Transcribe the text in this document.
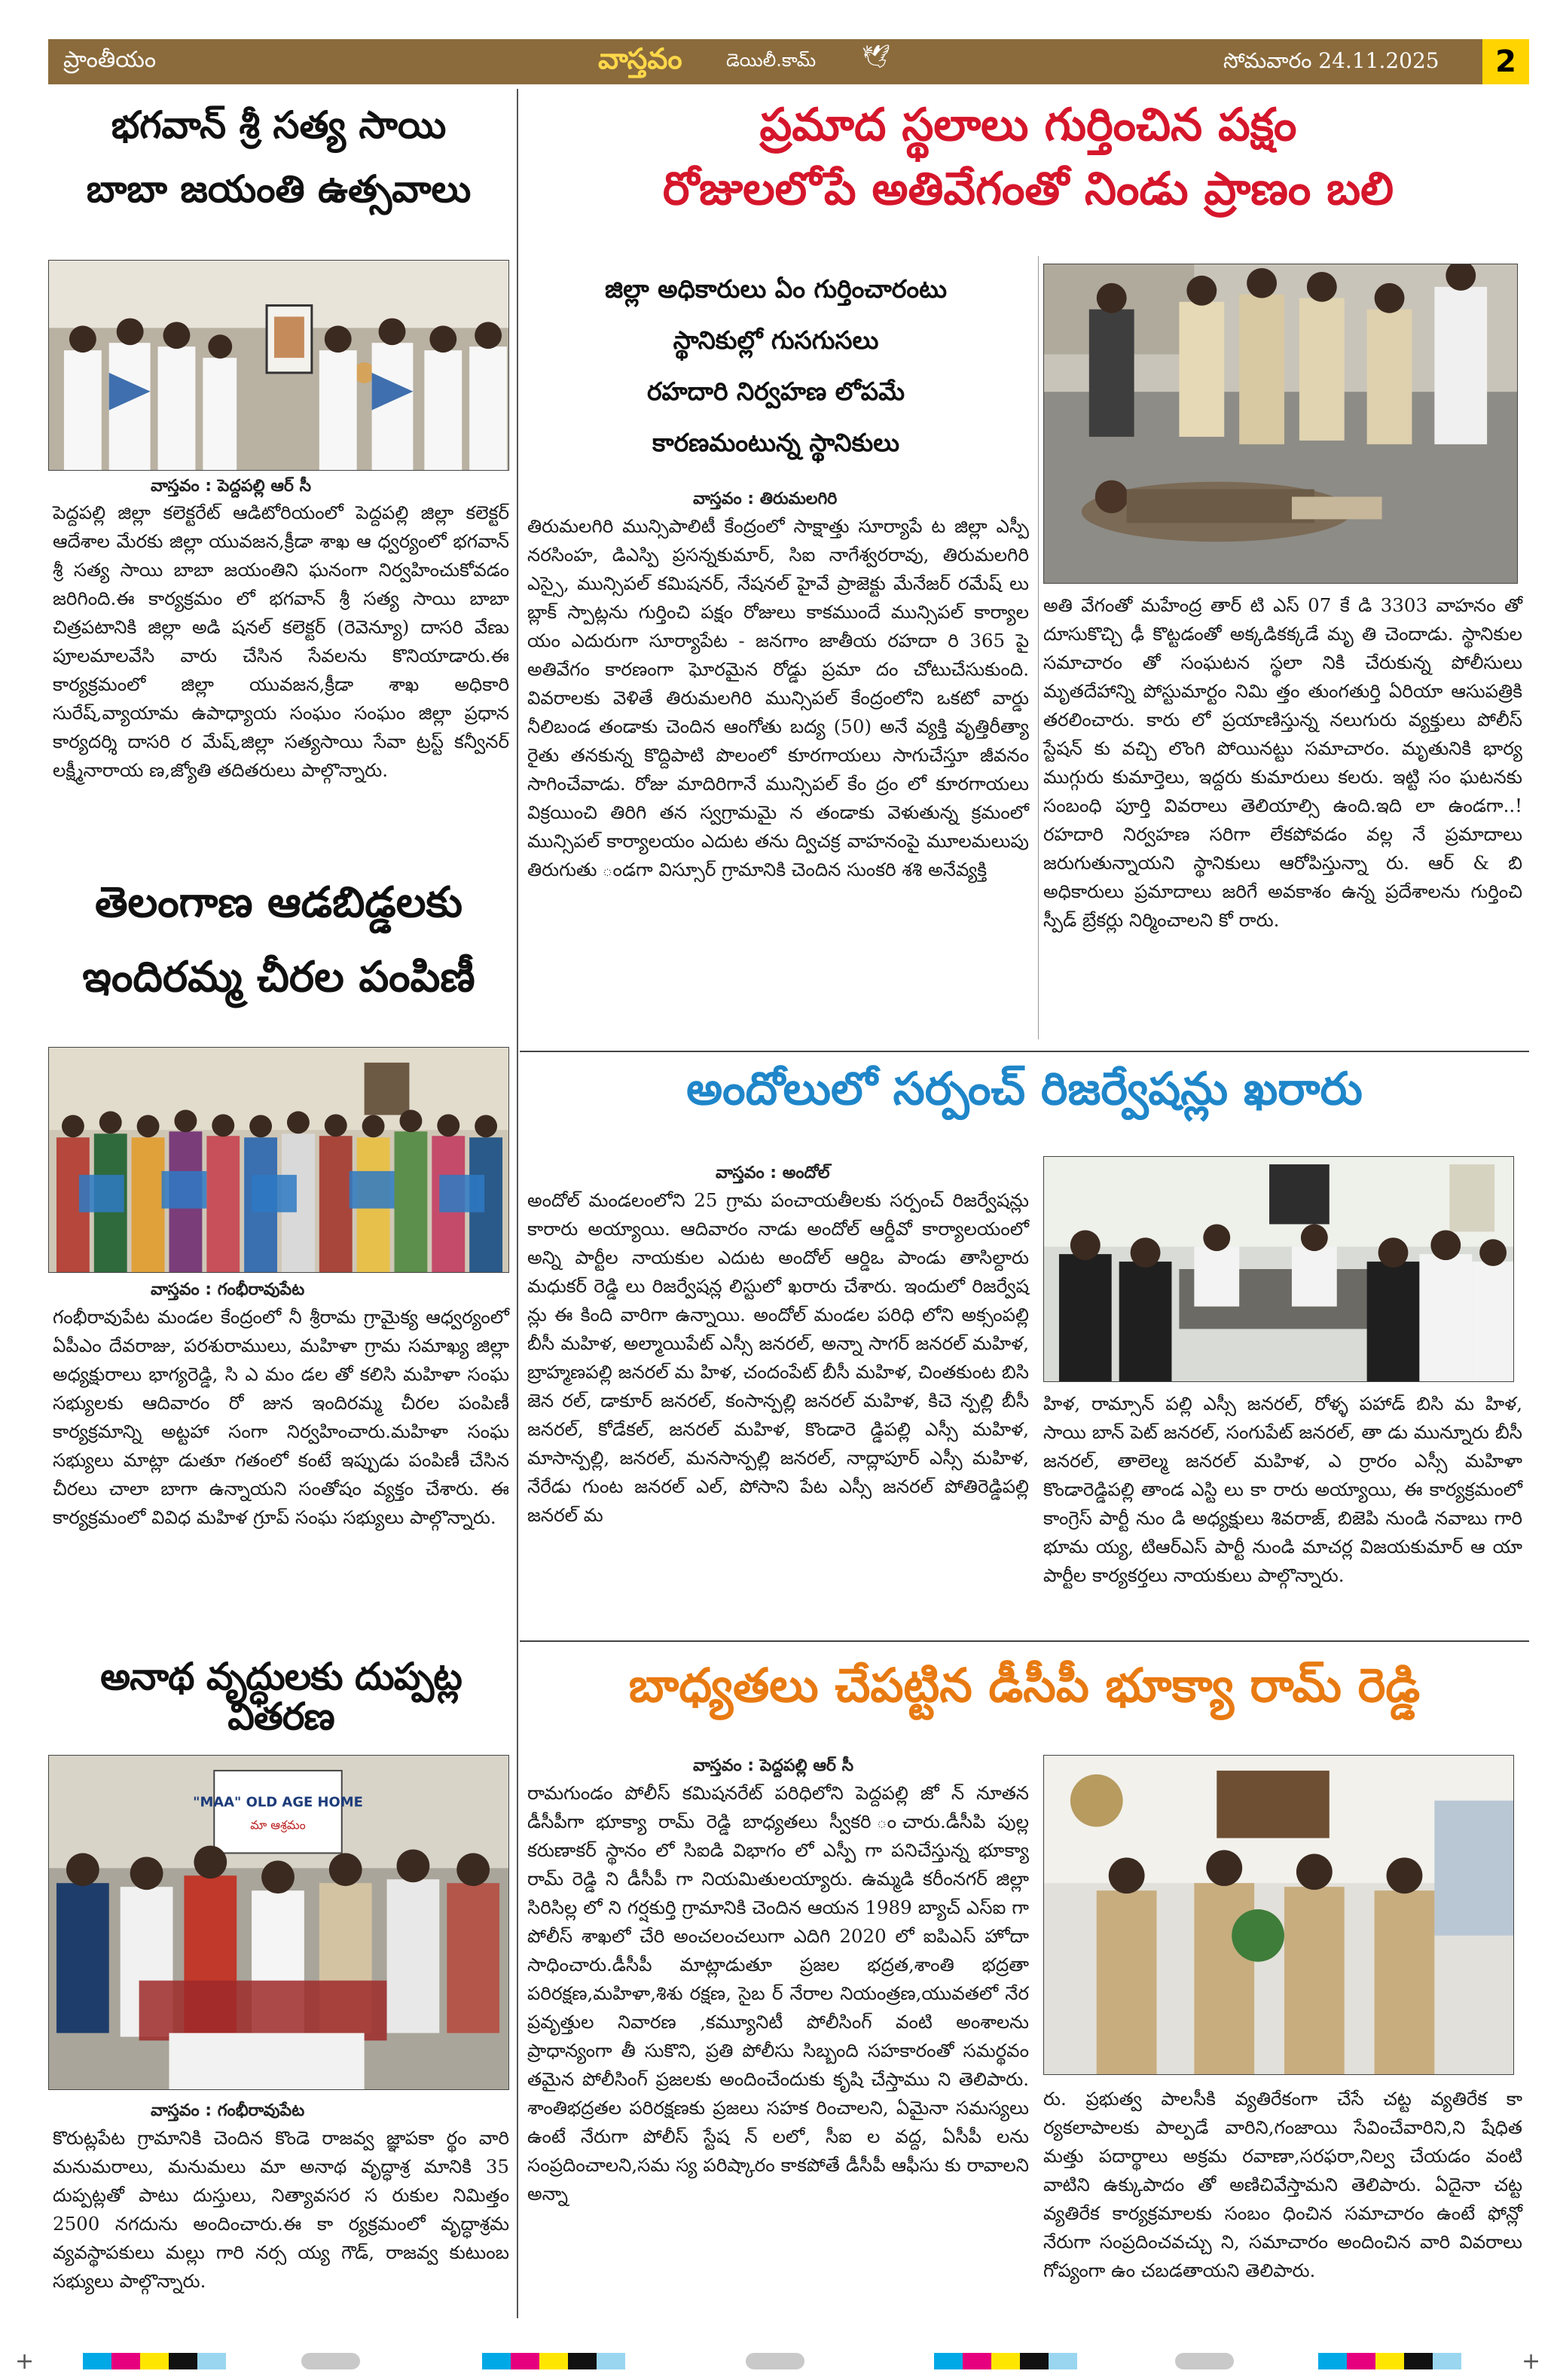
ప్రాంతీయం	వాస్తవం డెయిలీ.కామ్ 🕊	సోమవారం 24.11.2025	2
భగవాన్ శ్రీ సత్య సాయి
బాబా జయంతి ఉత్సవాలు
వాస్తవం : పెద్దపల్లి ఆర్ సీ
పెద్దపల్లి జిల్లా కలెక్టరేట్ ఆడిటోరియంలో పెద్దపల్లి జిల్లా కలెక్టర్ ఆదేశాల మేరకు జిల్లా యువజన,క్రీడా శాఖ ఆ ధ్వర్యంలో భగవాన్ శ్రీ సత్య సాయి బాబా జయంతిని ఘనంగా నిర్వహించుకోవడం జరిగింది.ఈ కార్యక్రమం లో భగవాన్ శ్రీ సత్య సాయి బాబా చిత్రపటానికి జిల్లా అడి షనల్ కలెక్టర్ (రెవెన్యూ) దాసరి వేణు పూలమాలవేసి వారు చేసిన సేవలను కొనియాడారు.ఈ కార్యక్రమంలో జిల్లా యువజన,క్రీడా శాఖ అధికారి సురేష్,వ్యాయామ ఉపాధ్యాయ సంఘం సంఘం జిల్లా ప్రధాన కార్యదర్శి దాసరి ర మేష్,జిల్లా సత్యసాయి సేవా ట్రస్ట్ కన్వీనర్ లక్ష్మీనారాయ ణ,జ్యోతి తదితరులు పాల్గొన్నారు.
తెలంగాణ ఆడబిడ్డలకు
ఇందిరమ్మ చీరల పంపిణీ
వాస్తవం : గంభీరావుపేట
గంభీరావుపేట మండల కేంద్రంలో నీ శ్రీరామ గ్రామైక్య ఆధ్వర్యంలో ఏపీఎం దేవరాజు, పరశురాములు, మహిళా గ్రామ సమాఖ్య జిల్లా అధ్యక్షురాలు భాగ్యరెడ్డి, సి ఎ మం డల తో కలిసి మహిళా సంఘ సభ్యులకు ఆదివారం రో జున ఇందిరమ్మ చీరల పంపిణీ కార్యక్రమాన్ని అట్టహా సంగా నిర్వహించారు.మహిళా సంఘ సభ్యులు మాట్లా డుతూ గతంలో కంటే ఇప్పుడు పంపిణీ చేసిన చీరలు చాలా బాగా ఉన్నాయని సంతోషం వ్యక్తం చేశారు. ఈ కార్యక్రమంలో వివిధ మహిళ గ్రూప్ సంఘ సభ్యులు పాల్గొన్నారు.
అనాథ వృద్ధులకు దుప్పట్ల వితరణ
"MAA" OLD AGE HOME
మా ఆశ్రమం
వాస్తవం : గంభీరావుపేట
కొరుట్లపేట గ్రామానికి చెందిన కొండె రాజవ్వ జ్ఞాపకా ర్థం వారి మనుమరాలు, మనుమలు మా అనాథ వృద్ధాశ్ర మానికి 35 దుప్పట్లతో పాటు దుస్తులు, నిత్యావసర స రుకుల నిమిత్తం 2500 నగదును అందించారు.ఈ కా ర్యక్రమంలో వృద్ధాశ్రమ వ్యవస్థాపకులు మల్లు గారి నర్స య్య గౌడ్, రాజవ్వ కుటుంబ సభ్యులు పాల్గొన్నారు.
ప్రమాద స్థలాలు గుర్తించిన పక్షం
రోజులలోపే అతివేగంతో నిండు ప్రాణం బలి
జిల్లా అధికారులు ఏం గుర్తించారంటు
స్థానికుల్లో గుసగుసలు
రహదారి నిర్వహణ లోపమే
కారణమంటున్న స్థానికులు
వాస్తవం : తిరుమలగిరి
తిరుమలగిరి మున్సిపాలిటీ కేంద్రంలో సాక్షాత్తు సూర్యాపే ట జిల్లా ఎస్పీ నరసింహ, డిఎస్పి ప్రసన్నకుమార్, సిఐ నాగేశ్వరరావు, తిరుమలగిరి ఎస్సై, మున్సిపల్ కమిషనర్, నేషనల్ హైవే ప్రాజెక్టు మేనేజర్ రమేష్ లు బ్లాక్ స్పాట్లను గుర్తించి పక్షం రోజులు కాకముందే మున్సిపల్ కార్యాల యం ఎదురుగా సూర్యాపేట - జనగాం జాతీయ రహదా రి 365 పై అతివేగం కారణంగా ఘోరమైన రోడ్డు ప్రమా దం చోటుచేసుకుంది. వివరాలకు వెళితే తిరుమలగిరి మున్సిపల్ కేంద్రంలోని ఒకటో వార్డు నీలిబండ తండాకు చెందిన ఆంగోతు బద్య (50) అనే వ్యక్తి వృత్తిరీత్యా రైతు తనకున్న కొద్దిపాటి పొలంలో కూరగాయలు సాగుచేస్తూ జీవనం సాగించేవాడు. రోజు మాదిరిగానే మున్సిపల్ కేం ద్రం లో కూరగాయలు విక్రయించి తిరిగి తన స్వగ్రామమై న తండాకు వెళుతున్న క్రమంలో మున్సిపల్ కార్యాలయం ఎదుట తను ద్విచక్ర వాహనంపై మూలమలుపు తిరుగుతు ండగా విస్సూర్ గ్రామానికి చెందిన సుంకరి శశి అనేవ్యక్తి
అతి వేగంతో మహేంద్ర తార్ టి ఎస్ 07 కే డి 3303 వాహనం తో దూసుకొచ్చి ఢీ కొట్టడంతో అక్కడికక్కడే మృ తి చెందాడు. స్థానికుల సమాచారం తో సంఘటన స్థలా నికి చేరుకున్న పోలీసులు మృతదేహాన్ని పోస్టుమార్టం నిమి త్తం తుంగతుర్తి ఏరియా ఆసుపత్రికి తరలించారు. కారు లో ప్రయాణిస్తున్న నలుగురు వ్యక్తులు పోలీస్ స్టేషన్ కు వచ్చి లొంగి పోయినట్టు సమాచారం. మృతునికి భార్య ముగ్గురు కుమార్తెలు, ఇద్దరు కుమారులు కలరు. ఇట్టి సం ఘటనకు సంబంధి పూర్తి వివరాలు తెలియాల్సి ఉంది.ఇది లా ఉండగా..!రహదారి నిర్వహణ సరిగా లేకపోవడం వల్ల నే ప్రమాదాలు జరుగుతున్నాయని స్థానికులు ఆరోపిస్తున్నా రు. ఆర్ & బి అధికారులు ప్రమాదాలు జరిగే అవకాశం ఉన్న ప్రదేశాలను గుర్తించి స్పీడ్ బ్రేకర్లు నిర్మించాలని కో రారు.
అందోలులో సర్పంచ్ రిజర్వేషన్లు ఖరారు
వాస్తవం : అందోల్
అందోల్ మండలంలోని 25 గ్రామ పంచాయతీలకు సర్పంచ్ రిజర్వేషన్లు కారారు అయ్యాయి. ఆదివారం నాడు అందోల్ ఆర్డీవో కార్యాలయంలో అన్ని పార్టీల నాయకుల ఎదుట అందోల్ ఆర్డిఒ పాండు తాసిల్దారు మధుకర్ రెడ్డి లు రిజర్వేషన్ల లిస్టులో ఖరారు చేశారు. ఇందులో రిజర్వేష న్లు ఈ కింది వారిగా ఉన్నాయి. అందోల్ మండల పరిధి లోని అక్సంపల్లి బీసీ మహిళ, అల్మాయిపేట్ ఎస్సీ జనరల్, అన్నా సాగర్ జనరల్ మహిళ, బ్రాహ్మణపల్లి జనరల్ మ హిళ, చందంపేట్ బీసీ మహిళ, చింతకుంట బిసి జెన రల్, డాకూర్ జనరల్, కంసాన్పల్లి జనరల్ మహిళ, కిచె న్పల్లి బీసీ జనరల్, కోడేకల్, జనరల్ మహిళ, కొండారె డ్డిపల్లి ఎస్సీ మహిళ, మాసాన్పల్లి, జనరల్, మనసాన్పల్లి జనరల్, నాద్లాపూర్ ఎస్సీ మహిళ, నేరేడు గుంట జనరల్ ఎల్, పోసాని పేట ఎస్సీ జనరల్ పోతిరెడ్డిపల్లి జనరల్ మ
హిళ, రామ్సాన్ పల్లి ఎస్సీ జనరల్, రోళ్ళ పహాడ్ బిసి మ హిళ, సాయి బాన్ పెట్ జనరల్, సంగుపేట్ జనరల్, తా డు మున్నూరు బీసీ జనరల్, తాలెల్మ జనరల్ మహిళ, ఎ ర్రారం ఎస్సీ మహిళా కొండారెడ్డిపల్లి తాండ ఎస్టి లు కా రారు అయ్యాయి, ఈ కార్యక్రమంలో కాంగ్రెస్ పార్టీ నుం డి అధ్యక్షులు శివరాజ్, బిజెపి నుండి నవాబు గారి భూమ య్య, టిఆర్ఎస్ పార్టీ నుండి మాచర్ల విజయకుమార్ ఆ యా పార్టీల కార్యకర్తలు నాయకులు పాల్గొన్నారు.
బాధ్యతలు చేపట్టిన డీసీపీ భూక్యా రామ్ రెడ్డి
వాస్తవం : పెద్దపల్లి ఆర్ సీ
రామగుండం పోలీస్ కమిషనరేట్ పరిధిలోని పెద్దపల్లి జో న్ నూతన డీసీపీగా భూక్యా రామ్ రెడ్డి బాధ్యతలు స్వీకరి ంచారు.డీసీపి పుల్ల కరుణాకర్ స్థానం లో సిఐడి విభాగం లో ఎస్పీ గా పనిచేస్తున్న భూక్యా రామ్ రెడ్డి ని డీసీపీ గా నియమితులయ్యారు. ఉమ్మడి కరీంనగర్ జిల్లా సిరిసిల్ల లో ని గర్షకుర్తి గ్రామానికి చెందిన ఆయన 1989 బ్యాచ్ ఎస్ఐ గా పోలీస్ శాఖలో చేరి అంచలంచలుగా ఎదిగి 2020 లో ఐపిఎస్ హోదా సాధించారు.డీసీపీ మాట్లాడుతూ ప్రజల భద్రత,శాంతి భద్రతా పరిరక్షణ,మహిళా,శిశు రక్షణ, సైబ ర్ నేరాల నియంత్రణ,యువతలో నేర ప్రవృత్తుల నివారణ ,కమ్యూనిటీ పోలీసింగ్ వంటి అంశాలను ప్రాధాన్యంగా తీ సుకొని, ప్రతి పోలీసు సిబ్బంది సహకారంతో సమర్థవం తమైన పోలీసింగ్ ప్రజలకు అందించేందుకు కృషి చేస్తాము ని తెలిపారు. శాంతిభద్రతల పరిరక్షణకు ప్రజలు సహక రించాలని, ఏమైనా సమస్యలు ఉంటే నేరుగా పోలీస్ స్టేష న్ లలో, సీఐ ల వద్ద, ఏసీపీ లను సంప్రదించాలని,సమ స్య పరిష్కారం కాకపోతే డీసీపీ ఆఫీసు కు రావాలని అన్నా
రు. ప్రభుత్వ పాలసీకి వ్యతిరేకంగా చేసే చట్ట వ్యతిరేక కా ర్యకలాపాలకు పాల్పడే వారిని,గంజాయి సేవించేవారిని,ని షేధిత మత్తు పదార్థాలు అక్రమ రవాణా,సరఫరా,నిల్వ చేయడం వంటి వాటిని ఉక్కుపాదం తో అణిచివేస్తామని తెలిపారు. ఏదైనా చట్ట వ్యతిరేక కార్యక్రమాలకు సంబం ధించిన సమాచారం ఉంటే ఫోన్లో నేరుగా సంప్రదించవచ్చు ని, సమాచారం అందించిన వారి వివరాలు గోప్యంగా ఉం చబడతాయని తెలిపారు.
+	+
